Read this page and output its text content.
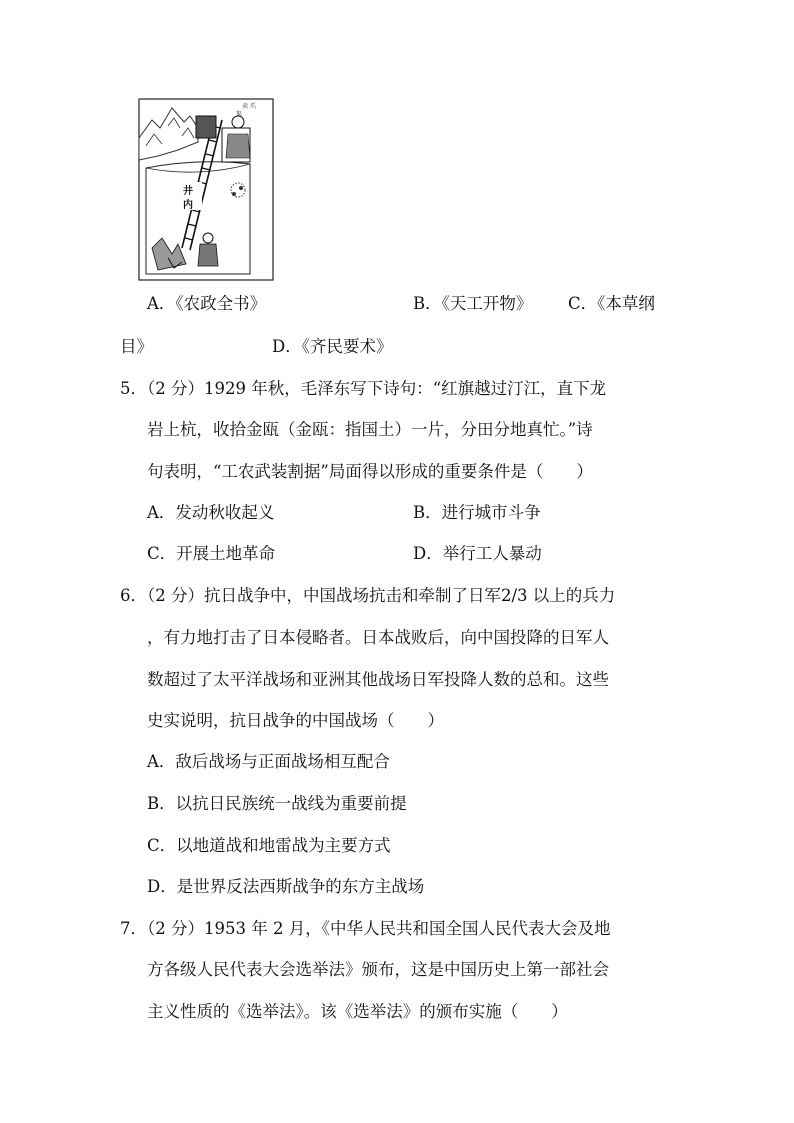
卖 爪
渠
井
内
A．《农政全书》	B．《天工开物》 C．《本草纲
目》	D．《齐民要术》
5．（2 分）1929 年秋，毛泽东写下诗句：“红旗越过汀江，直下龙
岩上杭，收拾金瓯（金瓯：指国土）一片，分田分地真忙。”诗
句表明，“工农武装割据”局面得以形成的重要条件是（　　）
A．发动秋收起义	B．进行城市斗争
C．开展土地革命	D．举行工人暴动
6．（2 分）抗日战争中，中国战场抗击和牵制了日军2/3 以上的兵力
，有力地打击了日本侵略者。日本战败后，向中国投降的日军人
数超过了太平洋战场和亚洲其他战场日军投降人数的总和。这些
史实说明，抗日战争的中国战场（　　）
A．敌后战场与正面战场相互配合
B．以抗日民族统一战线为重要前提
C．以地道战和地雷战为主要方式
D．是世界反法西斯战争的东方主战场
7．（2 分）1953 年 2 月，《中华人民共和国全国人民代表大会及地
方各级人民代表大会选举法》颁布，这是中国历史上第一部社会
主义性质的《选举法》。该《选举法》的颁布实施（　　）
